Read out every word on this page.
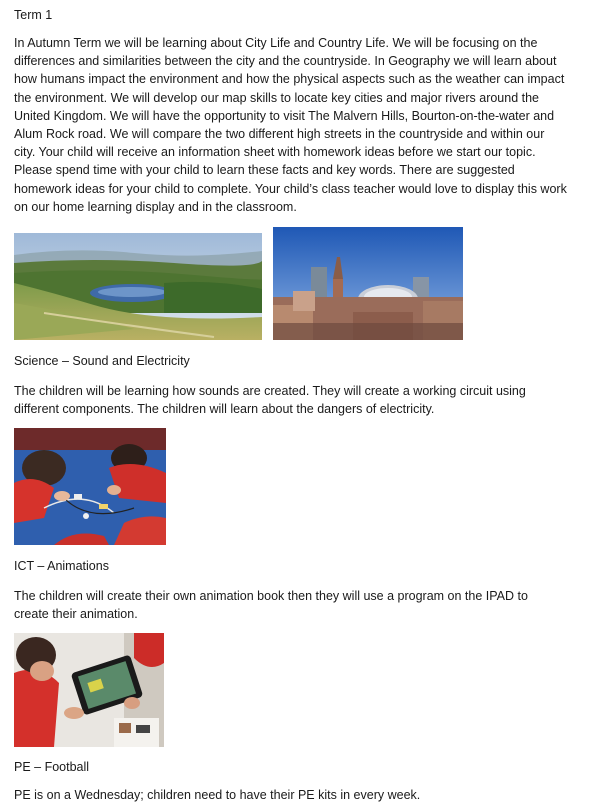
Term 1
In Autumn Term we will be learning about City Life and Country Life. We will be focusing on the
differences and similarities between the city and the countryside. In Geography we will learn about
how humans impact the environment and how the physical aspects such as the weather can impact
the environment. We will develop our map skills to locate key cities and major rivers around the
United Kingdom. We will have the opportunity to visit The Malvern Hills, Bourton-on-the-water and
Alum Rock road. We will compare the two different high streets in the countryside and within our
city. Your child will receive an information sheet with homework ideas before we start our topic.
Please spend time with your child to learn these facts and key words. There are suggested
homework ideas for your child to complete. Your child’s class teacher would love to display this work
on our home learning display and in the classroom.
Science – Sound and Electricity
The children will be learning how sounds are created. They will create a working circuit using
different components. The children will learn about the dangers of electricity.
ICT – Animations
The children will create their own animation book then they will use a program on the IPAD to
create their animation.
PE – Football
PE is on a Wednesday; children need to have their PE kits in every week.
